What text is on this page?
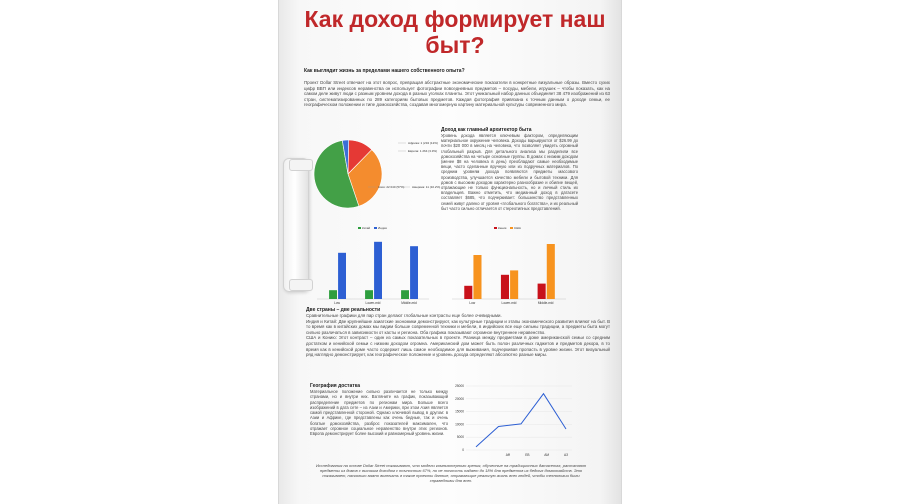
Как доход формирует наш быт?
Как выглядит жизнь за пределами нашего собственного опыта?
Проект Dollar Street отвечает на этот вопрос, превращая абстрактные экономические показатели в конкретные визуальные образы. Вместо сухих цифр ВВП или индексов неравенства он использует фотографии повседневных предметов – посуды, мебели, игрушек – чтобы показать, как на самом деле живут люди с разным уровнем дохода в разных уголках планеты. Этот уникальный набор данных объединяет 38 479 изображений из 63 стран, систематизированных по 289 категориям бытовых предметов. Каждая фотография привязана к точным данным о доходе семьи, ее географическом положении и типе домохозяйства, создавая многомерную картину материальной культуры современного мира.
Африка: 1 (234 (12%)
Европа: 1 264 (3.3%)
Азия: 22 040 (57%)	Америка: 11 (10.2%)
Доход как главный архитектор быта
Уровень дохода является ключевым фактором, определяющим материальное окружение человека. Доходы варьируются от $26.99 до почти $20 000 в месяц на человека, что позволяет увидеть огромный глобальный разрыв. Для детального анализа мы разделили все домохозяйства на четыре основные группы. В домах с низким доходом (менее $8 на человека в день) преобладают самые необходимые вещи, часто сделанные вручную или из подручных материалов. По средним уровням дохода появляются предметы массового производства, улучшается качество мебели и бытовой техники. Для домов с высоким доходом характерно разнообразие и обилие вещей, отражающие не только функциональность, но и личный стиль их владельцев. Важно отметить, что медианный доход в датасете составляет $685, что подчеркивает: большинство представленных семей живут далеко от уровня «глобального богатства», и их реальный быт часто сильно отличается от стереотипных представлений.
Китай	Индия
Low	Lower-mid	Middle-mid
Кения	США
Low	Lower-mid	Middle-mid
Две страны – две реальности
Сравнительные графики для пар стран делают глобальные контрасты еще более очевидными.
Индия и Китай: Две крупнейшие азиатские экономики демонстрируют, как культурные традиции и этапы экономического развития влияют на быт. В то время как в китайских домах мы видим больше современной техники и мебели, в индийских все еще сильны традиции, а предметы быта могут сильно различаться в зависимости от касты и региона. Оба графика показывают огромное внутреннее неравенство.
США и Конию: Этот контраст – один из самых показательных в проекте. Разница между предметами в доме американской семьи со средним достатком и кенийской семьи с низким доходом огромна. Американский дом может быть полон различных гаджетов и предметов декора, в то время как в кенийской доме часто содержит лишь самое необходимое для выживания, подчеркивая пропасть в уровне жизни. Этот визуальный ряд наглядно демонстрирует, как географическое положение и уровень дохода определяют абсолютно разные миры.
География достатка
Материальное положение сильно различается не только между странами, но и внутри них. Взгляните на график, показывающий распределение предметов по регионам мира. Больше всего изображений в дата сете – из Азии и Америки, при этом Азия является самой представленной стороной. Однако ключевой вывод в другом: в Азии и Африке, где представлены как очень бедные, так и очень богатые домохозяйства, разброс показателей максимален, что отражает огромное социальное неравенство внутри этих регионов. Европа демонстрирует более высокий и равномерный уровень жизни.
25000
20000
15000
10000
5000
0
АФ	ЕВ	АМ	АЗ
Исследования на основе Dollar Street показывают, что модели компьютерного зрения, обученные на традиционных датасетах, распознают предметы из домов с высоким доходом с точностью 67%, но не точность падает до 18% для предметов из бедных домохозяйств. Это показывает, насколько важно включать в такие проекты данные, отражающие реальную жизнь всех людей, чтобы технологии были справедливы для всех.
